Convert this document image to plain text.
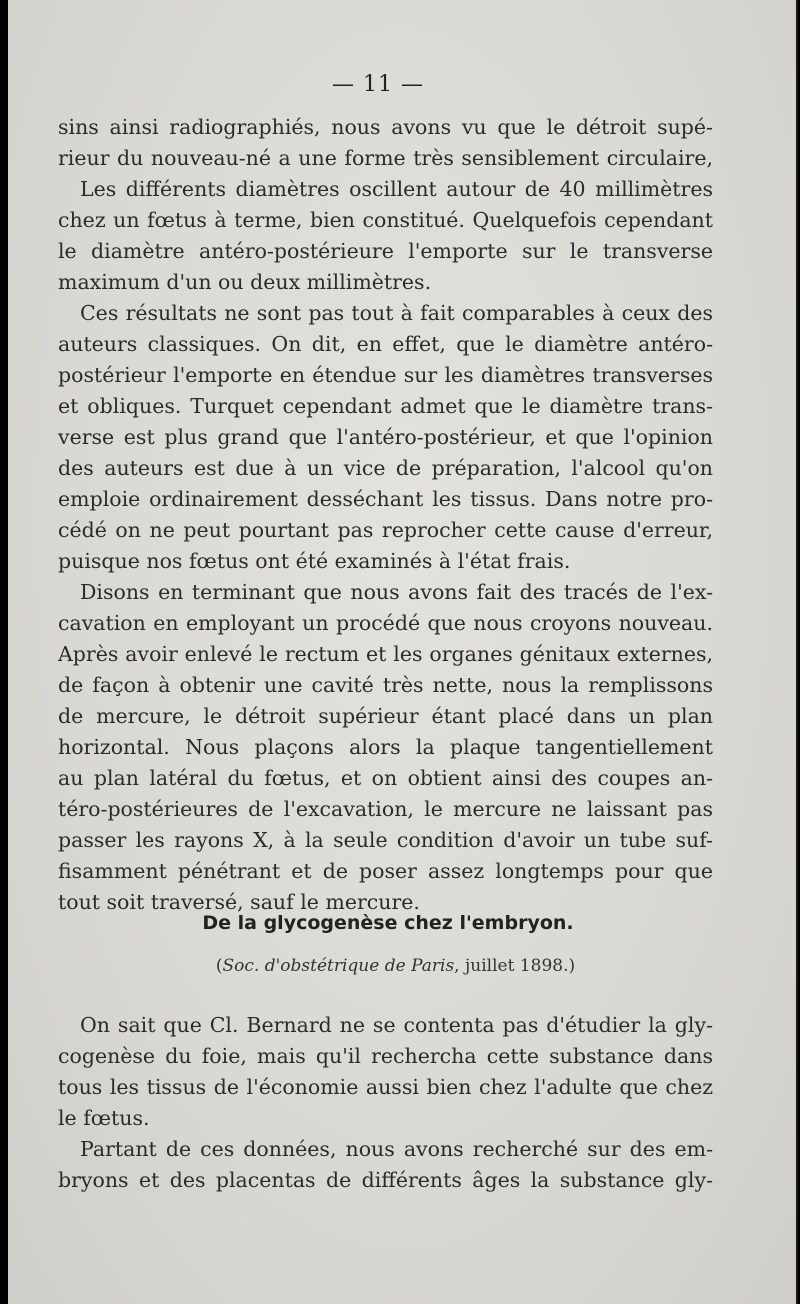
— 11 —
sins ainsi radiographiés, nous avons vu que le détroit supé-
rieur du nouveau-né a une forme très sensiblement circulaire,
Les différents diamètres oscillent autour de 40 millimètres
chez un fœtus à terme, bien constitué. Quelquefois cependant
le diamètre antéro-postérieure l'emporte sur le transverse
maximum d'un ou deux millimètres.
Ces résultats ne sont pas tout à fait comparables à ceux des
auteurs classiques. On dit, en effet, que le diamètre antéro-
postérieur l'emporte en étendue sur les diamètres transverses
et obliques. Turquet cependant admet que le diamètre trans-
verse est plus grand que l'antéro-postérieur, et que l'opinion
des auteurs est due à un vice de préparation, l'alcool qu'on
emploie ordinairement desséchant les tissus. Dans notre pro-
cédé on ne peut pourtant pas reprocher cette cause d'erreur,
puisque nos fœtus ont été examinés à l'état frais.
Disons en terminant que nous avons fait des tracés de l'ex-
cavation en employant un procédé que nous croyons nouveau.
Après avoir enlevé le rectum et les organes génitaux externes,
de façon à obtenir une cavité très nette, nous la remplissons
de mercure, le détroit supérieur étant placé dans un plan
horizontal. Nous plaçons alors la plaque tangentiellement
au plan latéral du fœtus, et on obtient ainsi des coupes an-
téro-postérieures de l'excavation, le mercure ne laissant pas
passer les rayons X, à la seule condition d'avoir un tube suf-
fisamment pénétrant et de poser assez longtemps pour que
tout soit traversé, sauf le mercure.
De la glycogenèse chez l'embryon.
(Soc. d'obstétrique de Paris, juillet 1898.)
On sait que Cl. Bernard ne se contenta pas d'étudier la gly-
cogenèse du foie, mais qu'il rechercha cette substance dans
tous les tissus de l'économie aussi bien chez l'adulte que chez
le fœtus.
Partant de ces données, nous avons recherché sur des em-
bryons et des placentas de différents âges la substance gly-
